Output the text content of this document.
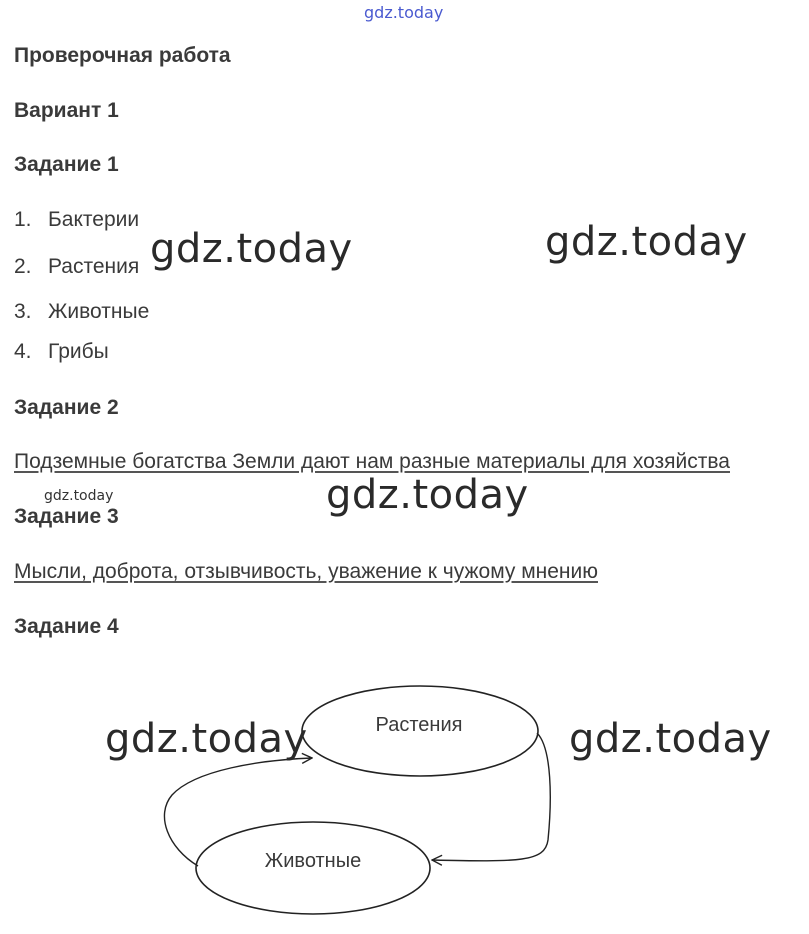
gdz.today
Проверочная работа
Вариант 1
Задание 1
1. Бактерии
2. Растения
3. Животные
4. Грибы
gdz.today	gdz.today
Задание 2
Подземные богатства Земли дают нам разные материалы для хозяйства
gdz.today	gdz.today
Задание 3
Мысли, доброта, отзывчивость, уважение к чужому мнению
Задание 4
Растения
Животные
gdz.today	gdz.today
